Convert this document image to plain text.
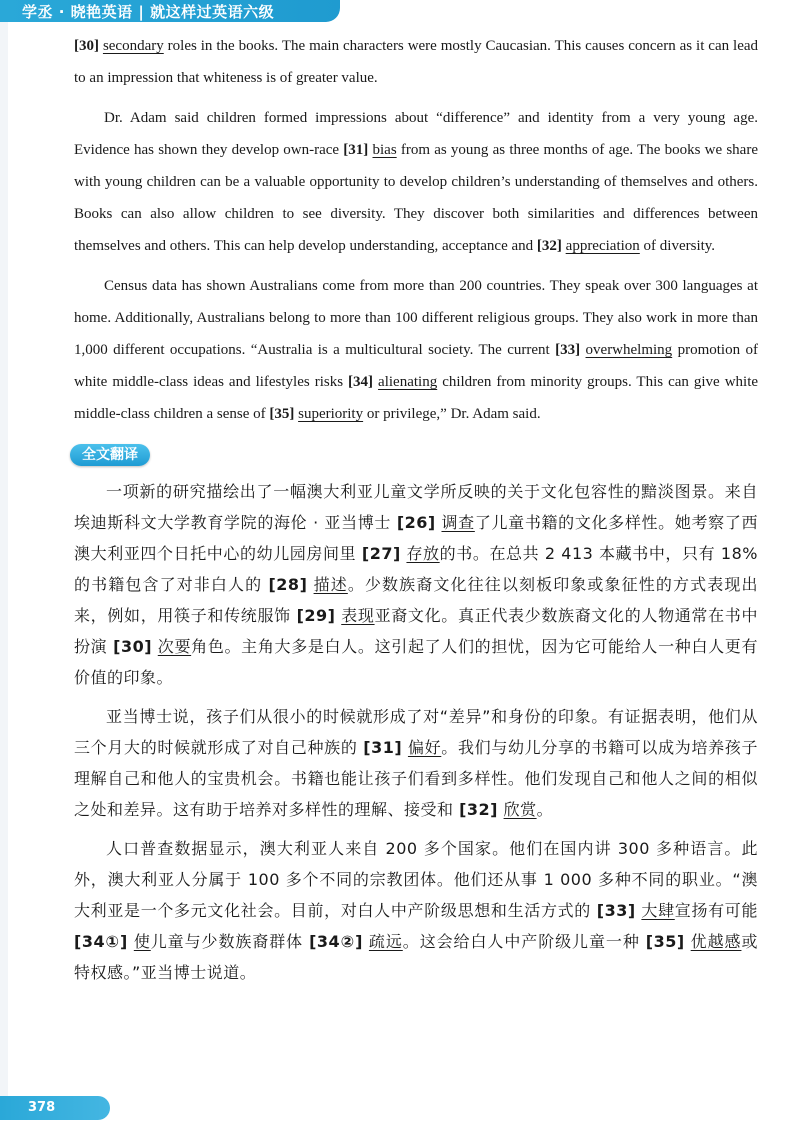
学丞 · 晓艳英语 | 就这样过英语六级

[30] secondary roles in the books. The main characters were mostly Caucasian. This causes concern as it can lead to an impression that whiteness is of greater value.

Dr. Adam said children formed impressions about “difference” and identity from a very young age. Evidence has shown they develop own-race [31] bias from as young as three months of age. The books we share with young children can be a valuable opportunity to develop children’s understanding of themselves and others. Books can also allow children to see diversity. They discover both similarities and differences between themselves and others. This can help develop understanding, acceptance and [32] appreciation of diversity.

Census data has shown Australians come from more than 200 countries. They speak over 300 languages at home. Additionally, Australians belong to more than 100 different religious groups. They also work in more than 1,000 different occupations. “Australia is a multicultural society. The current [33] overwhelming promotion of white middle-class ideas and lifestyles risks [34] alienating children from minority groups. This can give white middle-class children a sense of [35] superiority or privilege,” Dr. Adam said.

全文翻译

一项新的研究描绘出了一幅澳大利亚儿童文学所反映的关于文化包容性的黯淡图景。来自埃迪斯科文大学教育学院的海伦 · 亚当博士 [26] 调查了儿童书籍的文化多样性。她考察了西澳大利亚四个日托中心的幼儿园房间里 [27] 存放的书。在总共 2 413 本藏书中，只有 18% 的书籍包含了对非白人的 [28] 描述。少数族裔文化往往以刻板印象或象征性的方式表现出来，例如，用筷子和传统服饰 [29] 表现亚裔文化。真正代表少数族裔文化的人物通常在书中扮演 [30] 次要角色。主角大多是白人。这引起了人们的担忧，因为它可能给人一种白人更有价值的印象。

亚当博士说，孩子们从很小的时候就形成了对“差异”和身份的印象。有证据表明，他们从三个月大的时候就形成了对自己种族的 [31] 偏好。我们与幼儿分享的书籍可以成为培养孩子理解自己和他人的宝贵机会。书籍也能让孩子们看到多样性。他们发现自己和他人之间的相似之处和差异。这有助于培养对多样性的理解、接受和 [32] 欣赏。

人口普查数据显示，澳大利亚人来自 200 多个国家。他们在国内讲 300 多种语言。此外，澳大利亚人分属于 100 多个不同的宗教团体。他们还从事 1 000 多种不同的职业。“澳大利亚是一个多元文化社会。目前，对白人中产阶级思想和生活方式的 [33] 大肆宣扬有可能 [34①] 使儿童与少数族裔群体 [34②] 疏远。这会给白人中产阶级儿童一种 [35] 优越感或特权感。”亚当博士说道。

378
